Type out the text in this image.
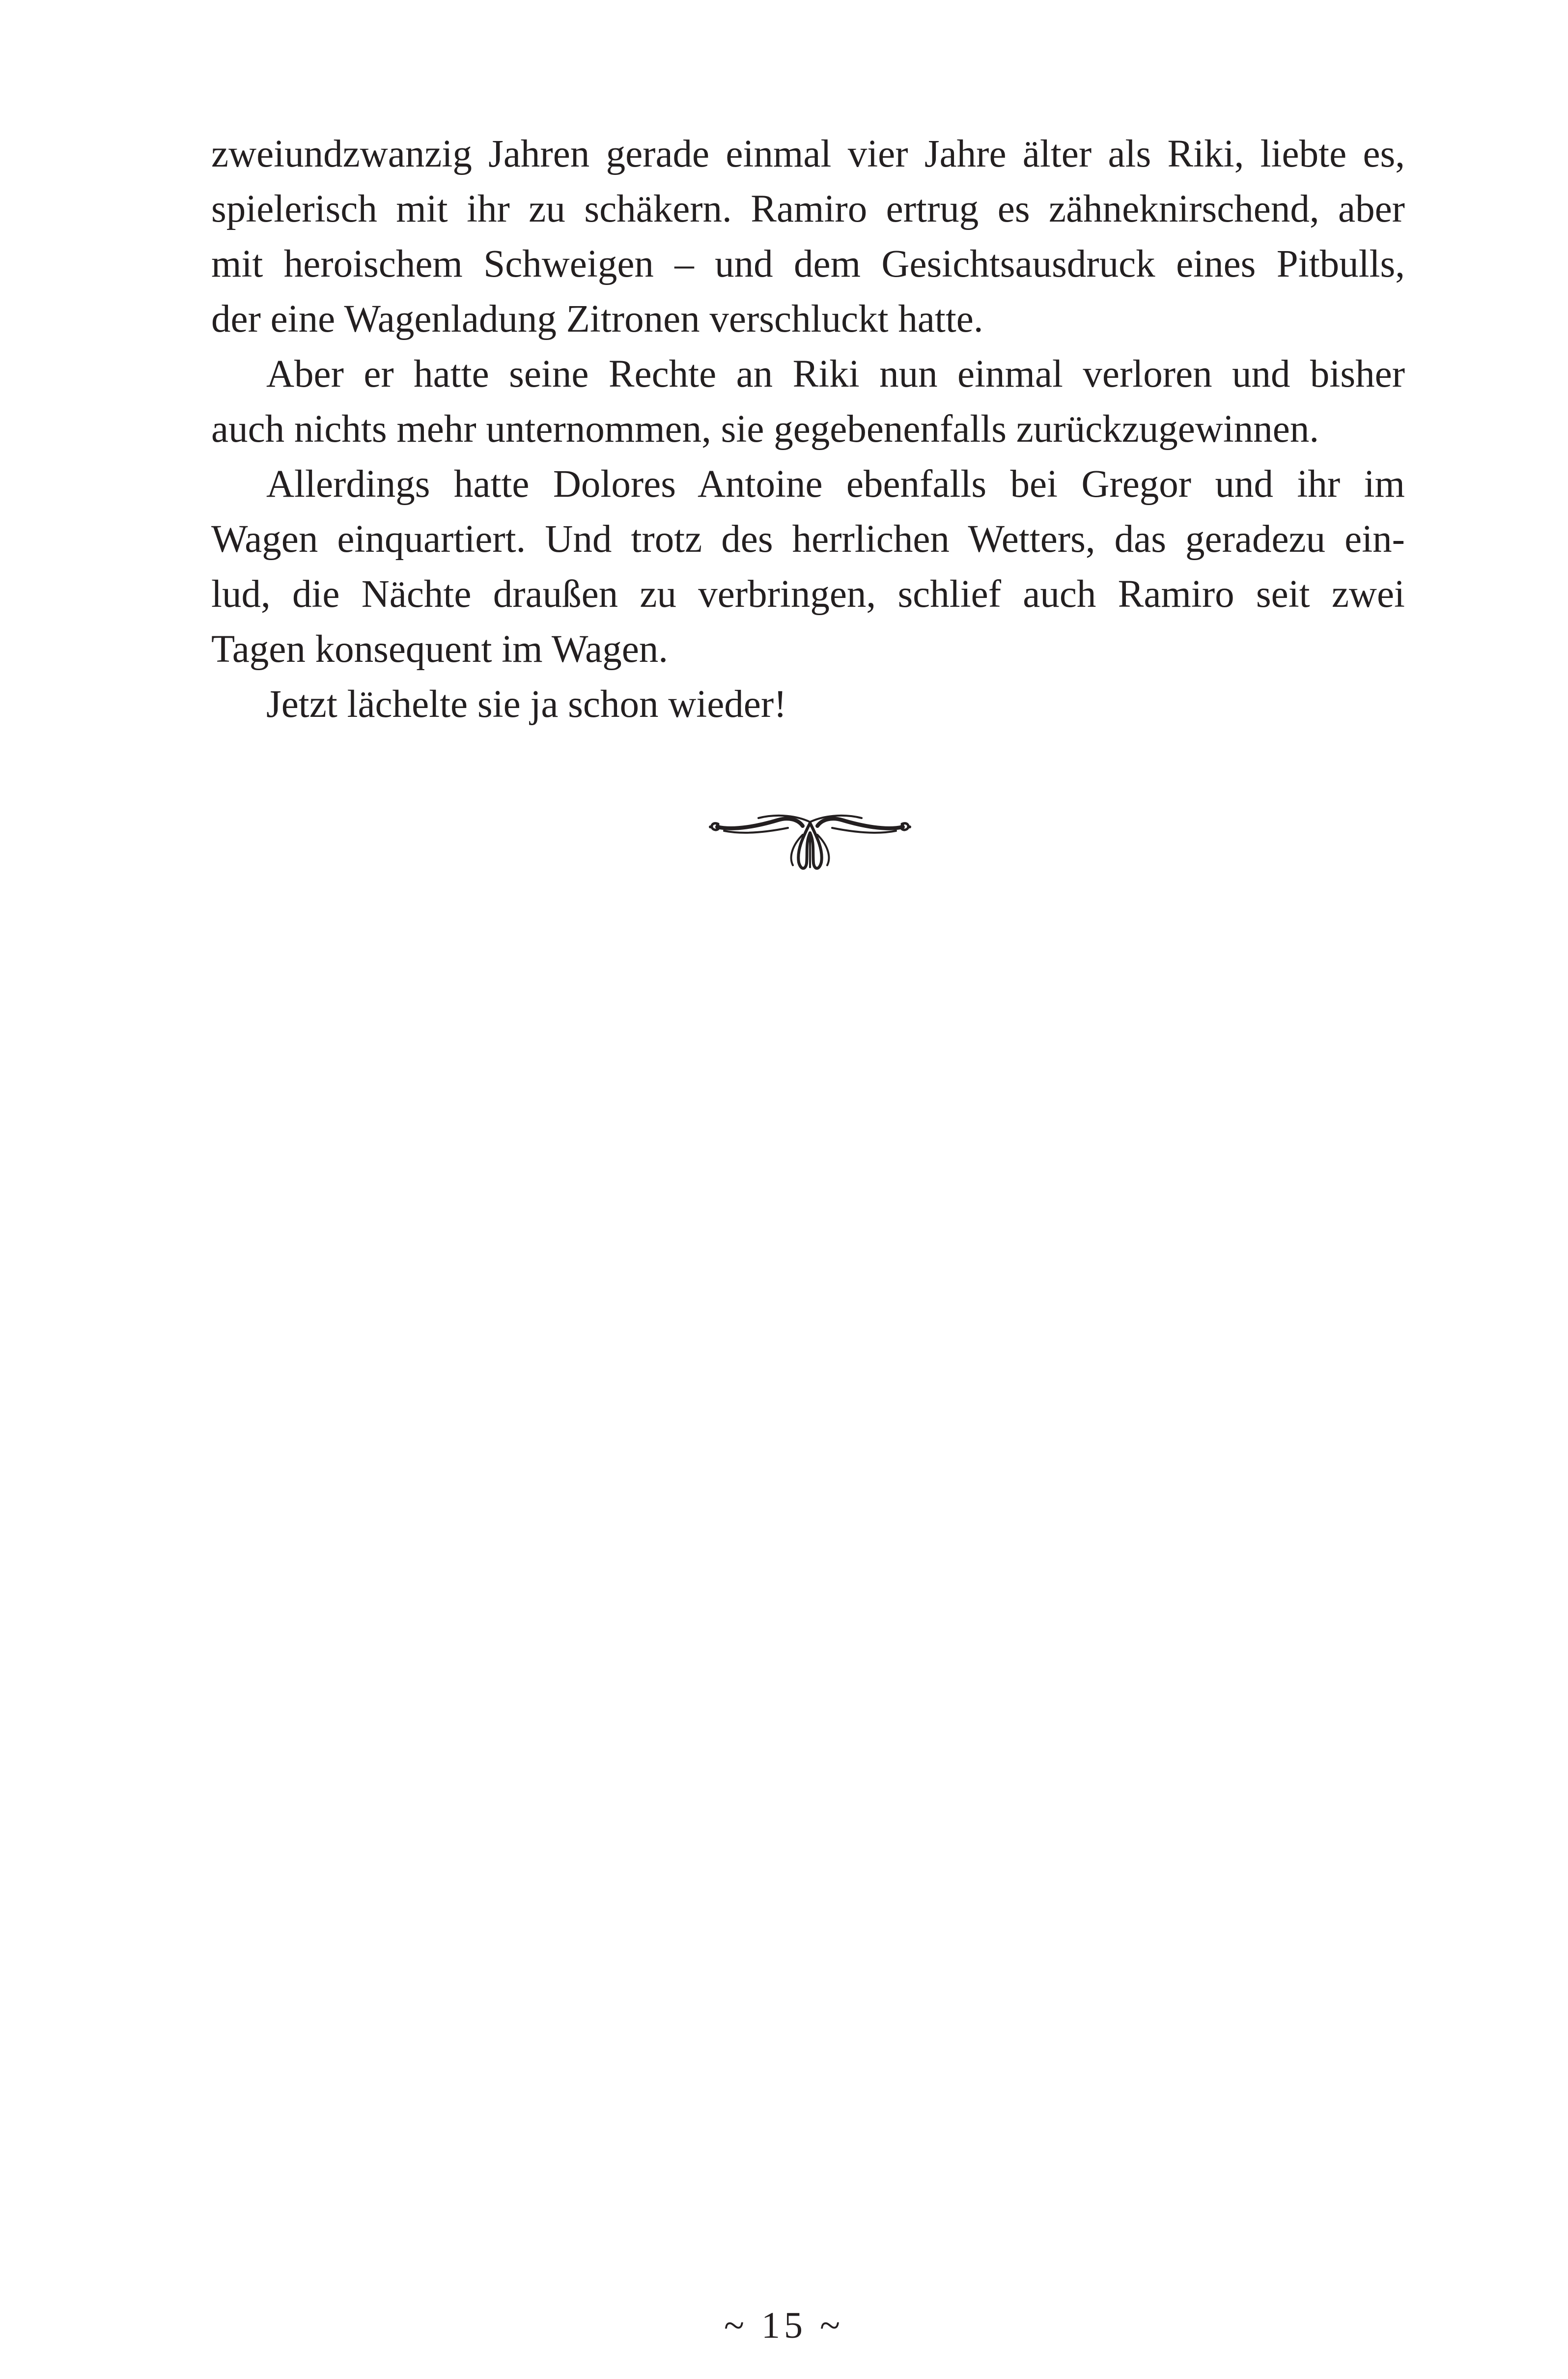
zweiundzwanzig Jahren gerade einmal vier Jahre älter als Riki, liebte es,
spielerisch mit ihr zu schäkern. Ramiro ertrug es zähneknirschend, aber
mit heroischem Schweigen – und dem Gesichtsausdruck eines Pitbulls,
der eine Wagenladung Zitronen verschluckt hatte.
Aber er hatte seine Rechte an Riki nun einmal verloren und bisher
auch nichts mehr unternommen, sie gegebenenfalls zurückzugewinnen.
Allerdings hatte Dolores Antoine ebenfalls bei Gregor und ihr im
Wagen einquartiert. Und trotz des herrlichen Wetters, das geradezu ein-
lud, die Nächte draußen zu verbringen, schlief auch Ramiro seit zwei
Tagen konsequent im Wagen.
Jetzt lächelte sie ja schon wieder!
~ 15 ~
